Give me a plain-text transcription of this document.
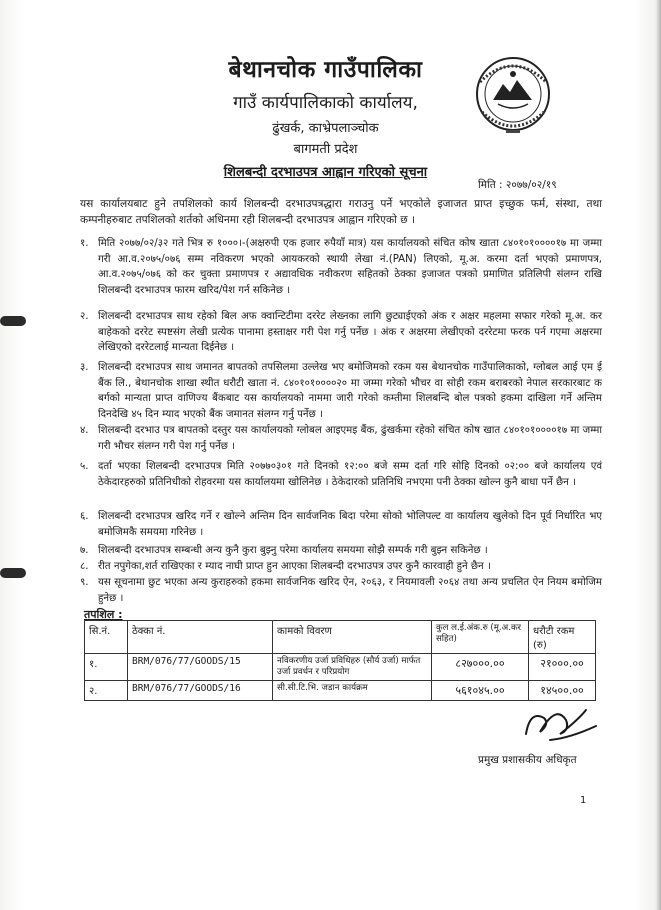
बेथानचोक गाउँपालिका
गाउँ कार्यपालिकाको कार्यालय,
ढुंखर्क, काभ्रेपलाञ्चोक
बागमती प्रदेश
शिलबन्दी दरभाउपत्र आह्वान गरिएको सूचना
मिति : २०७७/०२/१९
यस कार्यालयबाट हुने तपशिलको कार्य शिलबन्दी दरभाउपत्रद्धारा गराउनु पर्ने भएकोले इजाजत प्राप्त इच्छुक फर्म, संस्था, तथा कम्पनीहरुबाट तपशिलको शर्तको अधिनमा रही शिलबन्दी दरभाउपत्र आह्वान गरिएको छ ।
१. मिति २०७७/०२/३२ गते भित्र रु १०००।-(अक्षरुपी एक हजार रुपैयाँ मात्र) यस कार्यालयको संचित कोष खाता ८४०१०१००००१७ मा जम्मा गरी आ.व.२०७५/०७६ सम्म नविकरण भएको आयकरको स्थायी लेखा नं.(PAN) लिएको, मू.अ. करमा दर्ता भएको प्रमाणपत्र, आ.व.२०७५/०७६ को कर चुक्ता प्रमाणपत्र र अद्यावधिक नवीकरण सहितको ठेक्का इजाजत पत्रको प्रमाणित प्रतिलिपी संलग्न राखि शिलबन्दी दरभाउपत्र फारम खरिद/पेश गर्न सकिनेछ ।
२. शिलबन्दी दरभाउपत्र साथ रहेको बिल अफ क्वान्टिटीमा दररेट लेख्नका लागि छुट्याईएको अंक र अक्षर महलमा सफार गरेको मू.अ. कर बाहेकको दररेट स्पष्टसंग लेखी प्रत्येक पानामा हस्ताक्षर गरी पेश गर्नु पर्नेछ । अंक र अक्षरमा लेखीएको दररेटमा फरक पर्न गएमा अक्षरमा लेखिएको दररेटलाई मान्यता दिईनेछ ।
३. शिलबन्दी दरभाउपत्र साथ जमानत बापतको तपसिलमा उल्लेख भए बमोजिमको रकम यस बेथानचोक गाउँपालिकाको, ग्लोबल आई एम ई बैंक लि., बेथानचोक शाखा स्थीत धरौटी खाता नं. ८४०१०१००००२० मा जम्मा गरेको भौचर वा सोही रकम बराबरको नेपाल सरकारबाट क बर्गको मान्यता प्राप्त वाणिज्य बैंकबाट यस कार्यालयको नाममा जारी गरेको कम्तीमा शिलबन्दि बोल पत्रको हकमा दाखिला गर्ने अन्तिम दिनदेखि ४५ दिन म्याद भएको बैंक जमानत संलग्न गर्नु पर्नेछ ।
४. शिलबन्दी दरभाउ पत्र बापतको दस्तुर यस कार्यालयको ग्लोबल आइएमइ बैंक, ढुंखर्कमा रहेको संचित कोष खात ८४०१०१००००१७ मा जम्मा गरी भौचर संलग्न गरी पेश गर्नु पर्नेछ ।
५. दर्ता भएका शिलबन्दी दरभाउपत्र मिति २०७७०३०१ गते दिनको १२:०० बजे सम्म दर्ता गरि सोहि दिनको ०२:०० बजे कार्यालय एवं ठेकेदारहरुको प्रतिनिधीको रोहवरमा यस कार्यालयमा खोलिनेछ । ठेकेदारको प्रतिनिधि नभएमा पनी ठेक्का खोल्न कुनै बाधा पर्ने छैन ।
६. शिलबन्दी दरभाउपत्र खरिद गर्ने र खोल्ने अन्तिम दिन सार्वजनिक बिदा परेमा सोको भोलिपल्ट वा कार्यालय खुलेको दिन पूर्व निर्धारित भए बमोजिमकै समयमा गरिनेछ ।
७. शिलबन्दी दरभाउपत्र सम्बन्धी अन्य कुनै कुरा बुझ्नु परेमा कार्यालय समयमा सोझै सम्पर्क गरी बुझ्न सकिनेछ ।
८. रीत नपुगेका,शर्त राखिएका र म्याद नाघी प्राप्त हुन आएका शिलबन्दी दरभाउपत्र उपर कुनै कारवाही हुने छैन ।
९. यस सूचनामा छुट भएका अन्य कुराहरुको हकमा सार्वजनिक खरिद ऐन, २०६३, र नियमावली २०६४ तथा अन्य प्रचलित ऐन नियम बमोजिम हुनेछ ।
तपशिल :
सि.नं.	ठेक्का नं.	कामको विवरण	कुल ल.ई.अंक.रु (मू.अ.कर सहित)	धरौटी रकम (रु)
१.	BRM/076/77/GOODS/15	नविकरणीय उर्जा प्रविधिहरु (सौर्य उर्जा) मार्फत उर्जा प्रवर्धन र परिप्रयोग	८२७०००.००	२१०००.००
२.	BRM/076/77/GOODS/16	सी.सी.टि.भि. जडान कार्यक्रम	५६१०४५.००	१४५००.००
प्रमुख प्रशासकीय अधिकृत
1
